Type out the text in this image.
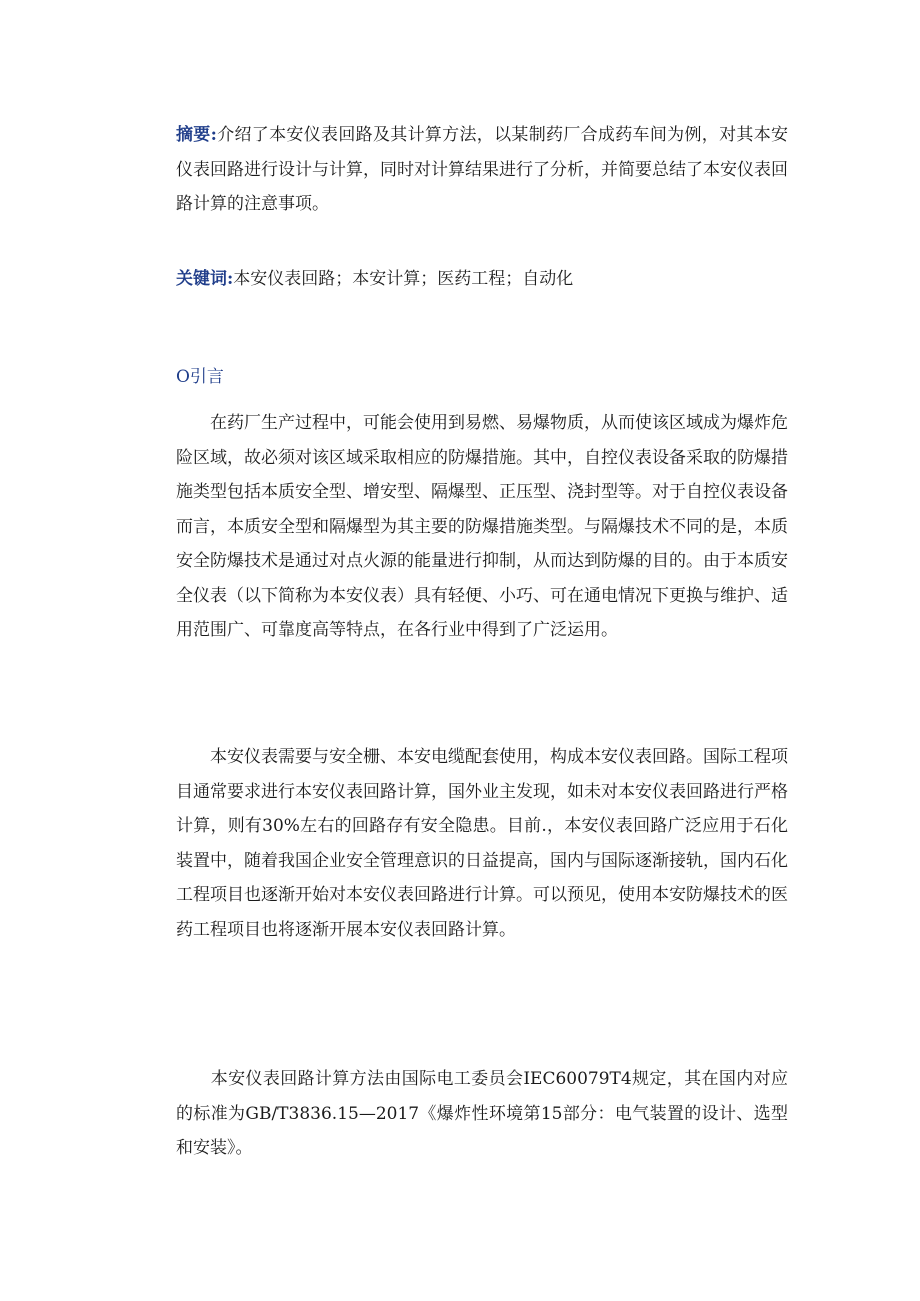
摘要:介绍了本安仪表回路及其计算方法，以某制药厂合成药车间为例，对其本安仪表回路进行设计与计算，同时对计算结果进行了分析，并简要总结了本安仪表回路计算的注意事项。
关键词:本安仪表回路；本安计算；医药工程；自动化
O引言
　　在药厂生产过程中，可能会使用到易燃、易爆物质，从而使该区域成为爆炸危险区域，故必须对该区域采取相应的防爆措施。其中，自控仪表设备采取的防爆措施类型包括本质安全型、增安型、隔爆型、正压型、浇封型等。对于自控仪表设备而言，本质安全型和隔爆型为其主要的防爆措施类型。与隔爆技术不同的是，本质安全防爆技术是通过对点火源的能量进行抑制，从而达到防爆的目的。由于本质安全仪表（以下简称为本安仪表）具有轻便、小巧、可在通电情况下更换与维护、适用范围广、可靠度高等特点，在各行业中得到了广泛运用。
　　本安仪表需要与安全栅、本安电缆配套使用，构成本安仪表回路。国际工程项目通常要求进行本安仪表回路计算，国外业主发现，如未对本安仪表回路进行严格计算，则有30%左右的回路存有安全隐患。目前.，本安仪表回路广泛应用于石化装置中，随着我国企业安全管理意识的日益提高，国内与国际逐渐接轨，国内石化工程项目也逐渐开始对本安仪表回路进行计算。可以预见，使用本安防爆技术的医药工程项目也将逐渐开展本安仪表回路计算。
　　本安仪表回路计算方法由国际电工委员会IEC60079T4规定，其在国内对应的标准为GB/T3836.15—2017《爆炸性环境第15部分：电气装置的设计、选型和安装》。
